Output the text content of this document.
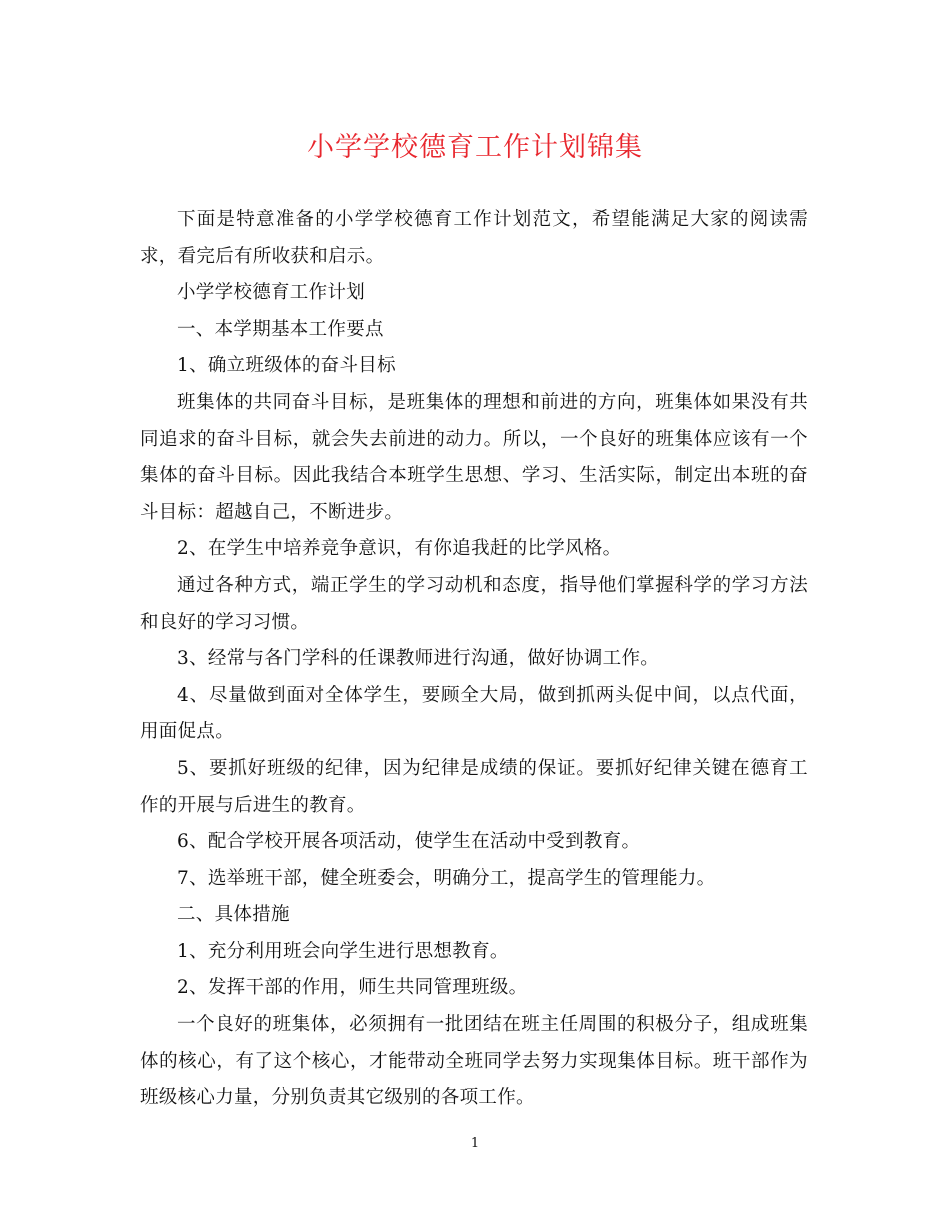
小学学校德育工作计划锦集

下面是特意准备的小学学校德育工作计划范文，希望能满足大家的阅读需求，看完后有所收获和启示。

小学学校德育工作计划

一、本学期基本工作要点

1、确立班级体的奋斗目标

班集体的共同奋斗目标，是班集体的理想和前进的方向，班集体如果没有共同追求的奋斗目标，就会失去前进的动力。所以，一个良好的班集体应该有一个集体的奋斗目标。因此我结合本班学生思想、学习、生活实际，制定出本班的奋斗目标：超越自己，不断进步。

2、在学生中培养竞争意识，有你追我赶的比学风格。

通过各种方式，端正学生的学习动机和态度，指导他们掌握科学的学习方法和良好的学习习惯。

3、经常与各门学科的任课教师进行沟通，做好协调工作。

4、尽量做到面对全体学生，要顾全大局，做到抓两头促中间，以点代面，用面促点。

5、要抓好班级的纪律，因为纪律是成绩的保证。要抓好纪律关键在德育工作的开展与后进生的教育。

6、配合学校开展各项活动，使学生在活动中受到教育。

7、选举班干部，健全班委会，明确分工，提高学生的管理能力。

二、具体措施

1、充分利用班会向学生进行思想教育。

2、发挥干部的作用，师生共同管理班级。

一个良好的班集体，必须拥有一批团结在班主任周围的积极分子，组成班集体的核心，有了这个核心，才能带动全班同学去努力实现集体目标。班干部作为班级核心力量，分别负责其它级别的各项工作。

1
